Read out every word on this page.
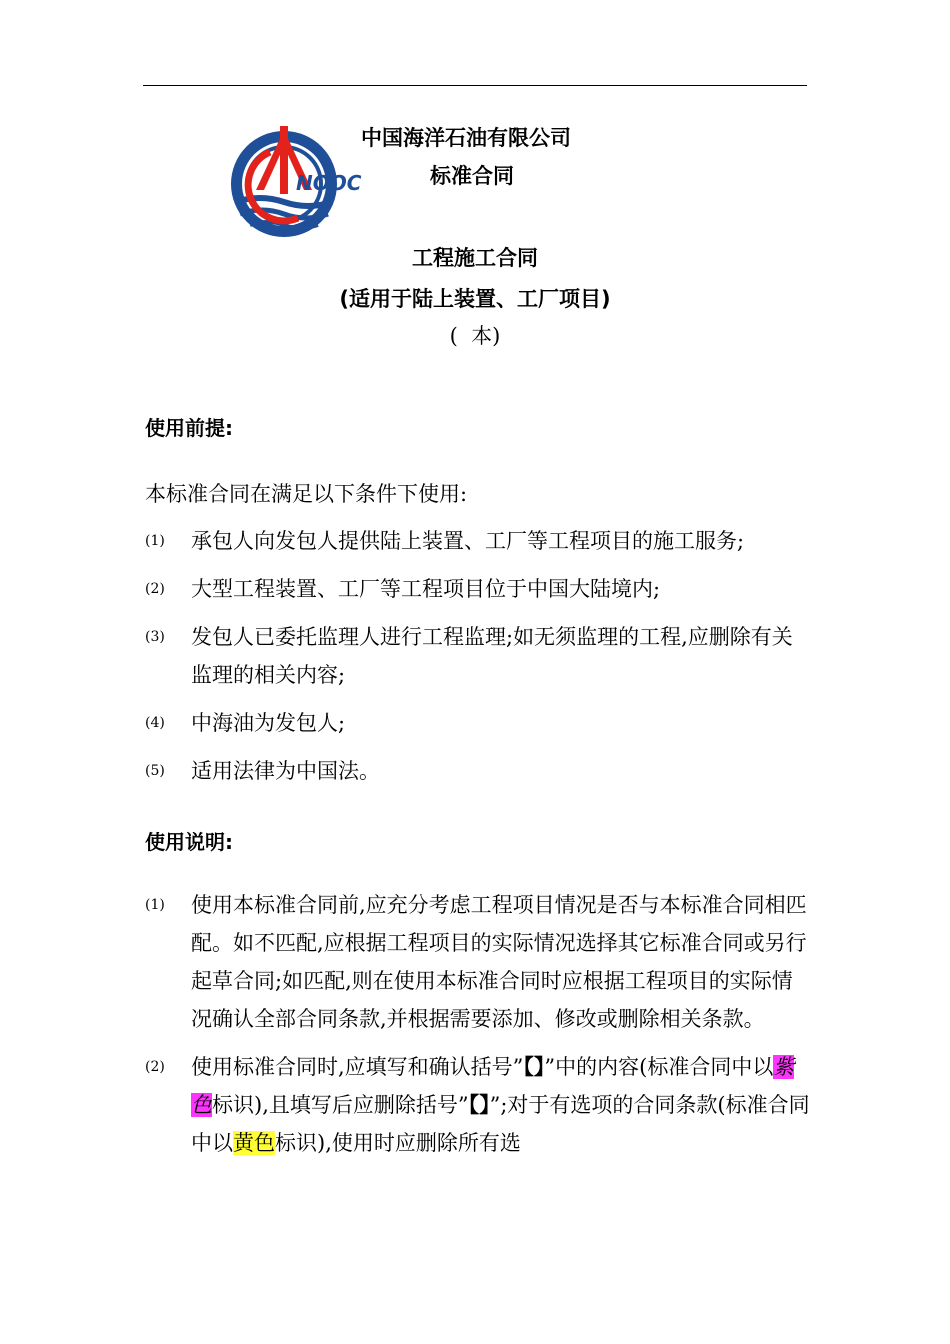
NOOC
中国海洋石油有限公司
标准合同
工程施工合同
(适用于陆上装置、工厂项目)
(  本)
使用前提:
本标准合同在满足以下条件下使用:
(1)	承包人向发包人提供陆上装置、工厂等工程项目的施工服务;
(2)	大型工程装置、工厂等工程项目位于中国大陆境内;
(3)	发包人已委托监理人进行工程监理;如无须监理的工程,应删除有关监理的相关内容;
(4)	中海油为发包人;
(5)	适用法律为中国法。
使用说明:
(1)	使用本标准合同前,应充分考虑工程项目情况是否与本标准合同相匹配。如不匹配,应根据工程项目的实际情况选择其它标准合同或另行起草合同;如匹配,则在使用本标准合同时应根据工程项目的实际情况确认全部合同条款,并根据需要添加、修改或删除相关条款。
(2)	使用标准合同时,应填写和确认括号”【】”中的内容(标准合同中以紫色标识),且填写后应删除括号”【】”;对于有选项的合同条款(标准合同中以黄色标识),使用时应删除所有选
